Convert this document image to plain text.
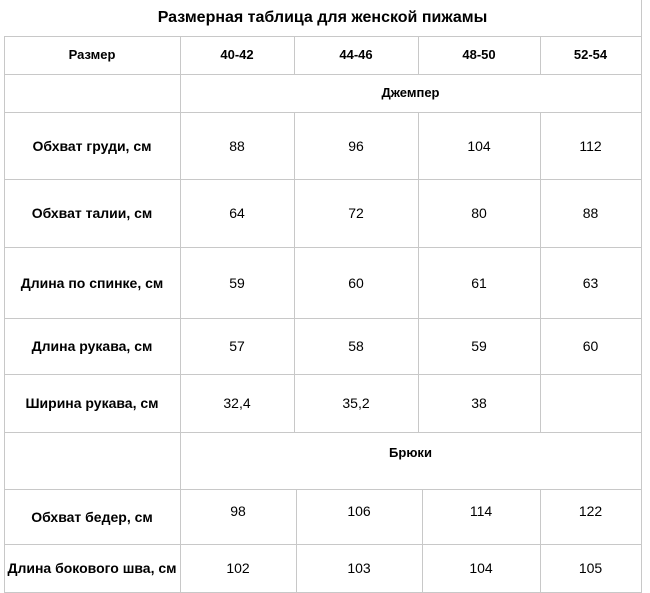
Размерная таблица для женской пижамы
Размер	40-42	44-46	48-50	52-54
Джемпер
Обхват груди, см	88	96	104	112
Обхват талии, см	64	72	80	88
Длина по спинке, см	59	60	61	63
Длина рукава, см	57	58	59	60
Ширина рукава, см	32,4	35,2	38
Брюки
Обхват бедер, см	98	106	114	122
Длина бокового шва, см	102	103	104	105
